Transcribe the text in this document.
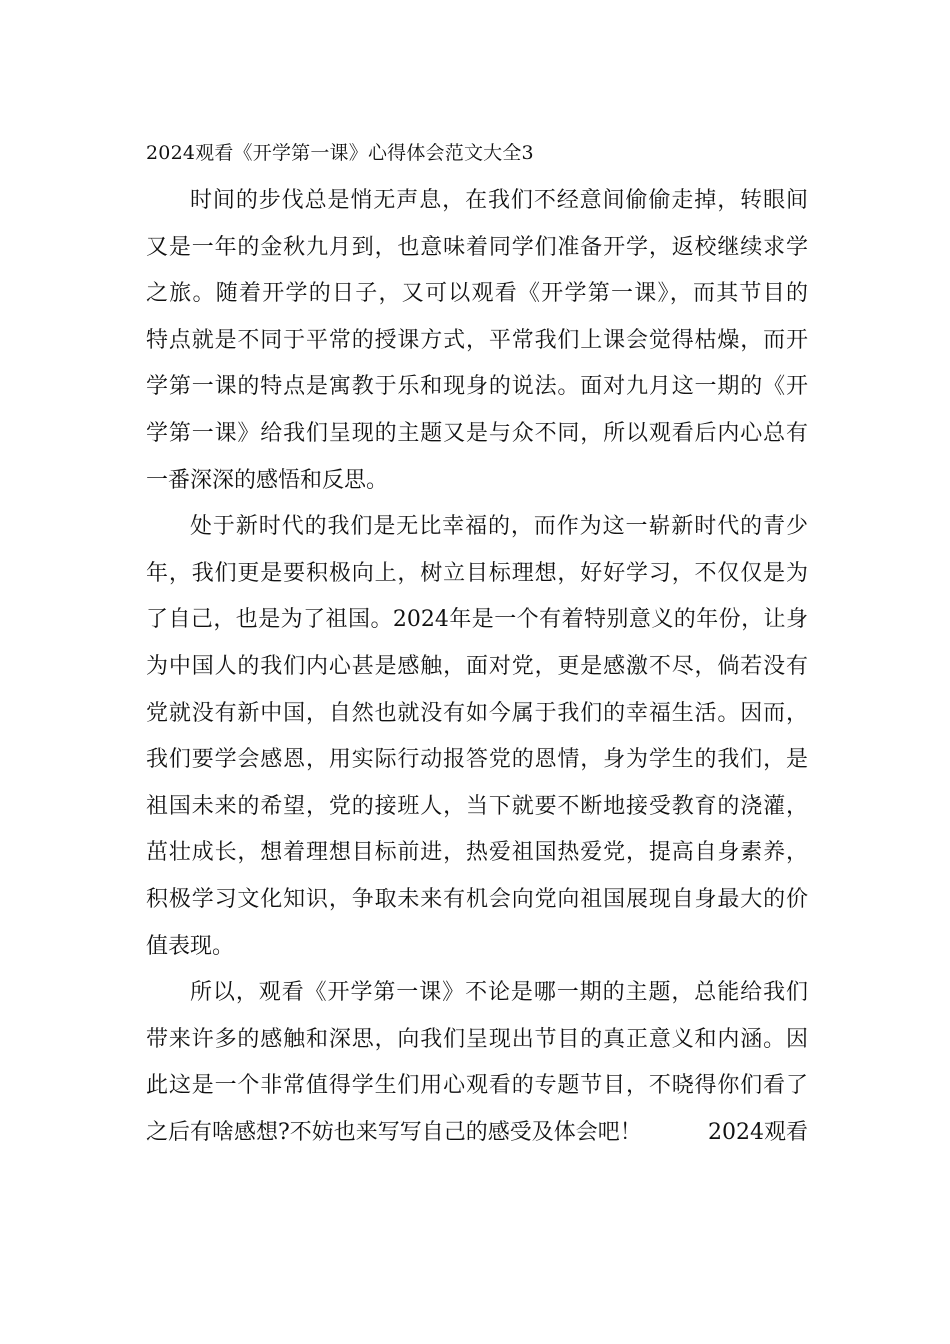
2024观看《开学第一课》心得体会范文大全3
时间的步伐总是悄无声息，在我们不经意间偷偷走掉，转眼间
又是一年的金秋九月到，也意味着同学们准备开学，返校继续求学
之旅。随着开学的日子，又可以观看《开学第一课》，而其节目的
特点就是不同于平常的授课方式，平常我们上课会觉得枯燥，而开
学第一课的特点是寓教于乐和现身的说法。面对九月这一期的《开
学第一课》给我们呈现的主题又是与众不同，所以观看后内心总有
一番深深的感悟和反思。
处于新时代的我们是无比幸福的，而作为这一崭新时代的青少
年，我们更是要积极向上，树立目标理想，好好学习，不仅仅是为
了自己，也是为了祖国。2024年是一个有着特别意义的年份，让身
为中国人的我们内心甚是感触，面对党，更是感激不尽，倘若没有
党就没有新中国，自然也就没有如今属于我们的幸福生活。因而，
我们要学会感恩，用实际行动报答党的恩情，身为学生的我们，是
祖国未来的希望，党的接班人，当下就要不断地接受教育的浇灌，
茁壮成长，想着理想目标前进，热爱祖国热爱党，提高自身素养，
积极学习文化知识，争取未来有机会向党向祖国展现自身最大的价
值表现。
所以，观看《开学第一课》不论是哪一期的主题，总能给我们
带来许多的感触和深思，向我们呈现出节目的真正意义和内涵。因
此这是一个非常值得学生们用心观看的专题节目，不晓得你们看了
之后有啥感想?不妨也来写写自己的感受及体会吧！	2024观看
